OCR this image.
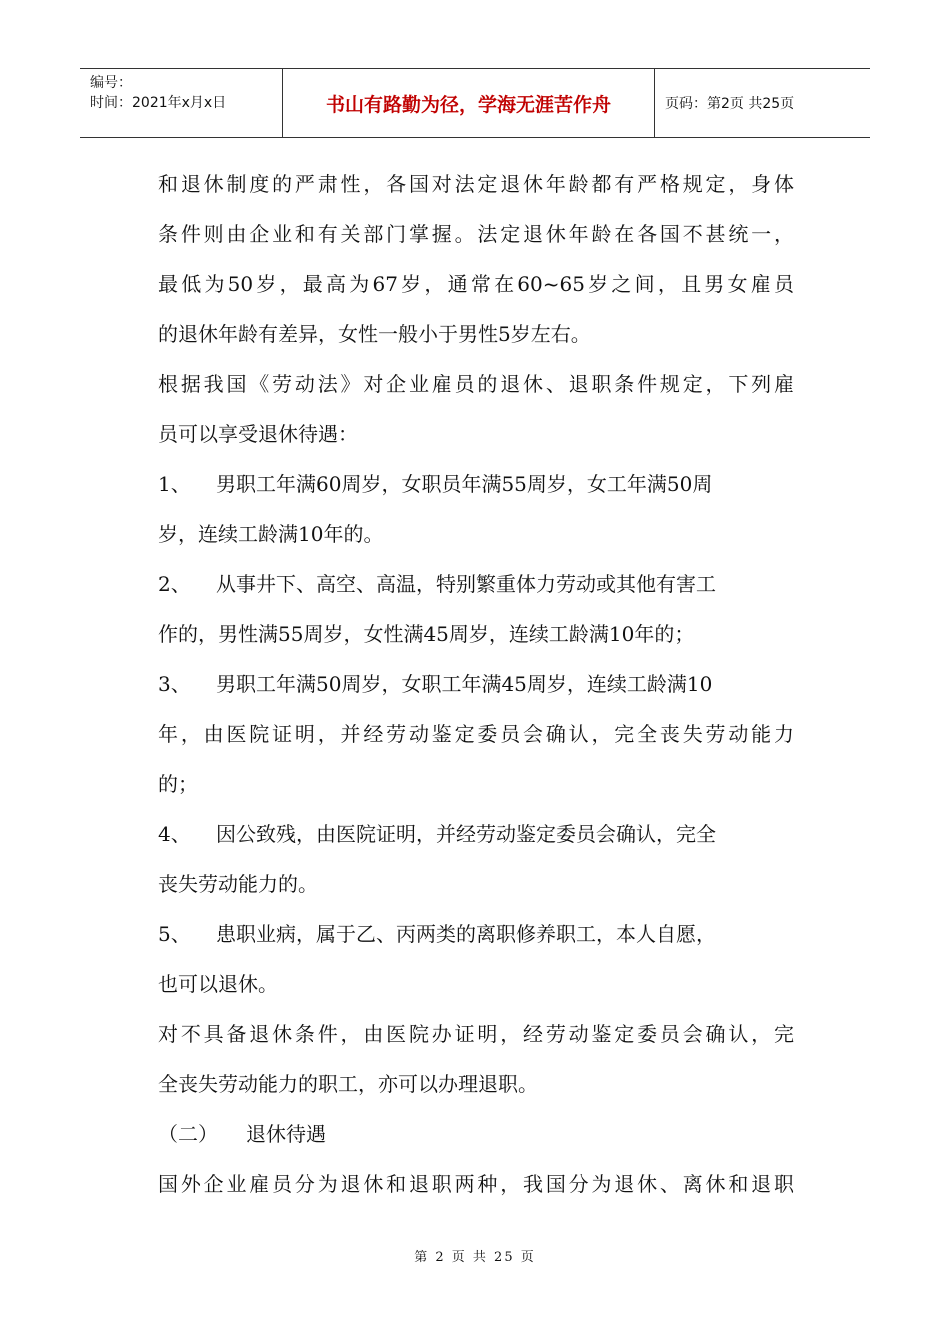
编号：
时间：2021年x月x日	书山有路勤为径，学海无涯苦作舟	页码：第2页 共25页
和退休制度的严肃性，各国对法定退休年龄都有严格规定，身体
条件则由企业和有关部门掌握。法定退休年龄在各国不甚统一，
最低为50岁，最高为67岁，通常在60~65岁之间，且男女雇员
的退休年龄有差异，女性一般小于男性5岁左右。
根据我国《劳动法》对企业雇员的退休、退职条件规定，下列雇
员可以享受退休待遇：
1、 男职工年满60周岁，女职员年满55周岁，女工年满50周
岁，连续工龄满10年的。
2、 从事井下、高空、高温，特别繁重体力劳动或其他有害工
作的，男性满55周岁，女性满45周岁，连续工龄满10年的；
3、 男职工年满50周岁，女职工年满45周岁，连续工龄满10
年，由医院证明，并经劳动鉴定委员会确认，完全丧失劳动能力
的；
4、 因公致残，由医院证明，并经劳动鉴定委员会确认，完全
丧失劳动能力的。
5、 患职业病，属于乙、丙两类的离职修养职工，本人自愿，
也可以退休。
对不具备退休条件，由医院办证明，经劳动鉴定委员会确认，完
全丧失劳动能力的职工，亦可以办理退职。
（二） 退休待遇
国外企业雇员分为退休和退职两种，我国分为退休、离休和退职
第 2 页 共 25 页
